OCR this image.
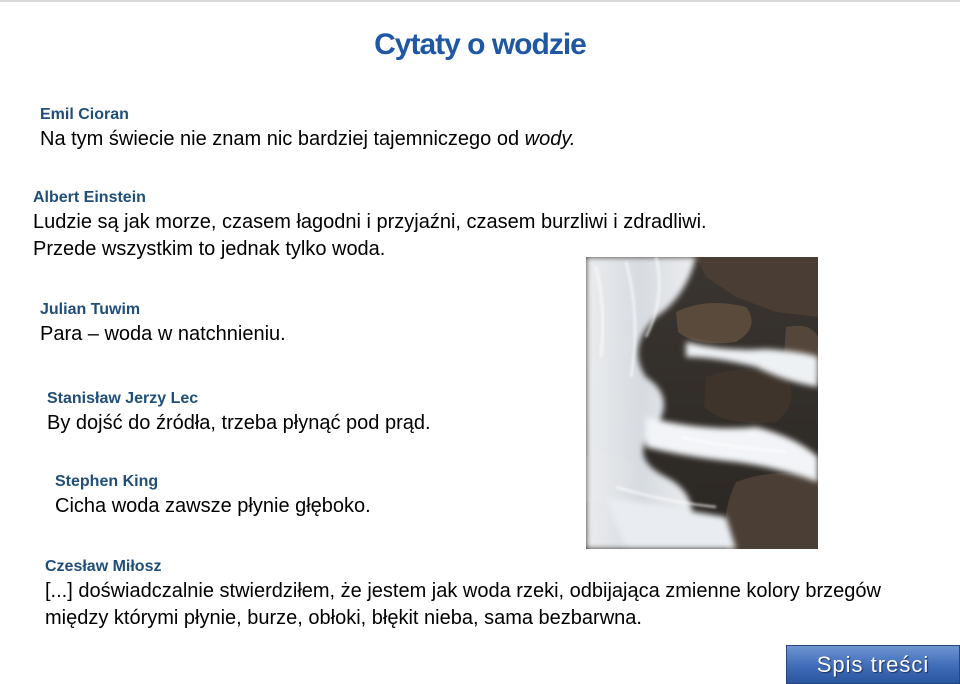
Cytaty o wodzie
Emil Cioran
Na tym świecie nie znam nic bardziej tajemniczego od wody.
Albert Einstein
Ludzie są jak morze, czasem łagodni i przyjaźni, czasem burzliwi i zdradliwi.
Przede wszystkim to jednak tylko woda.
Julian Tuwim
Para – woda w natchnieniu.
Stanisław Jerzy Lec
By dojść do źródła, trzeba płynąć pod prąd.
Stephen King
Cicha woda zawsze płynie głęboko.
Czesław Miłosz
[...] doświadczalnie stwierdziłem, że jestem jak woda rzeki, odbijająca zmienne kolory brzegów
między którymi płynie, burze, obłoki, błękit nieba, sama bezbarwna.
Spis treści
